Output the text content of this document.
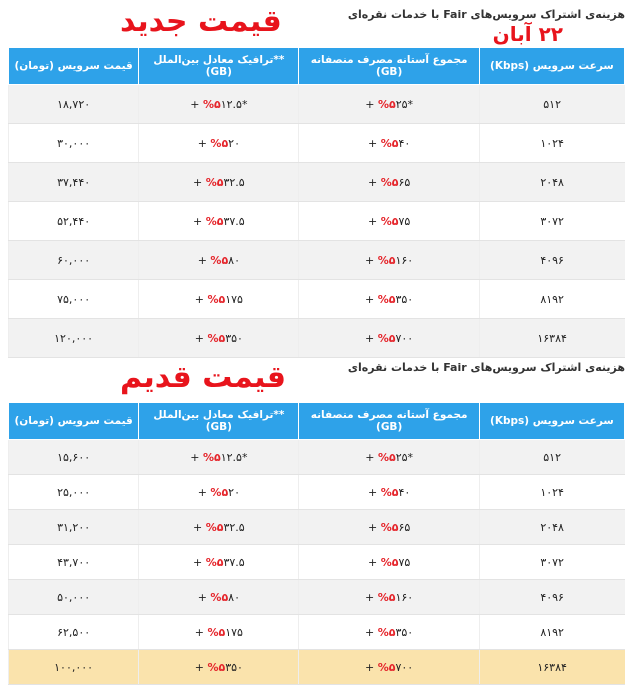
هزینه‌ی اشتراک سرویس‌های Fair با خدمات نقره‌ای
قیمت جدید	۲۲ آبان
سرعت سرویس (Kbps)	مجموع آستانه مصرف منصفانه (GB)	**ترافیک معادل بین‌الملل (GB)	قیمت سرویس (تومان)
۵۱۲	*%۵۲۵ +	*%۵۱۲.۵ +	۱۸,۷۲۰
۱۰۲۴	%۵۴۰ +	%۵۲۰ +	۳۰,۰۰۰
۲۰۴۸	%۵۶۵ +	%۵۳۲.۵ +	۳۷,۴۴۰
۳۰۷۲	%۵۷۵ +	%۵۳۷.۵ +	۵۲,۴۴۰
۴۰۹۶	%۵۱۶۰ +	%۵۸۰ +	۶۰,۰۰۰
۸۱۹۲	%۵۳۵۰ +	%۵۱۷۵ +	۷۵,۰۰۰
۱۶۳۸۴	%۵۷۰۰ +	%۵۳۵۰ +	۱۲۰,۰۰۰
هزینه‌ی اشتراک سرویس‌های Fair با خدمات نقره‌ای
قیمت قدیم
سرعت سرویس (Kbps)	مجموع آستانه مصرف منصفانه (GB)	**ترافیک معادل بین‌الملل (GB)	قیمت سرویس (تومان)
۵۱۲	*%۵۲۵ +	*%۵۱۲.۵ +	۱۵,۶۰۰
۱۰۲۴	%۵۴۰ +	%۵۲۰ +	۲۵,۰۰۰
۲۰۴۸	%۵۶۵ +	%۵۳۲.۵ +	۳۱,۲۰۰
۳۰۷۲	%۵۷۵ +	%۵۳۷.۵ +	۴۳,۷۰۰
۴۰۹۶	%۵۱۶۰ +	%۵۸۰ +	۵۰,۰۰۰
۸۱۹۲	%۵۳۵۰ +	%۵۱۷۵ +	۶۲,۵۰۰
۱۶۳۸۴	%۵۷۰۰ +	%۵۳۵۰ +	۱۰۰,۰۰۰
